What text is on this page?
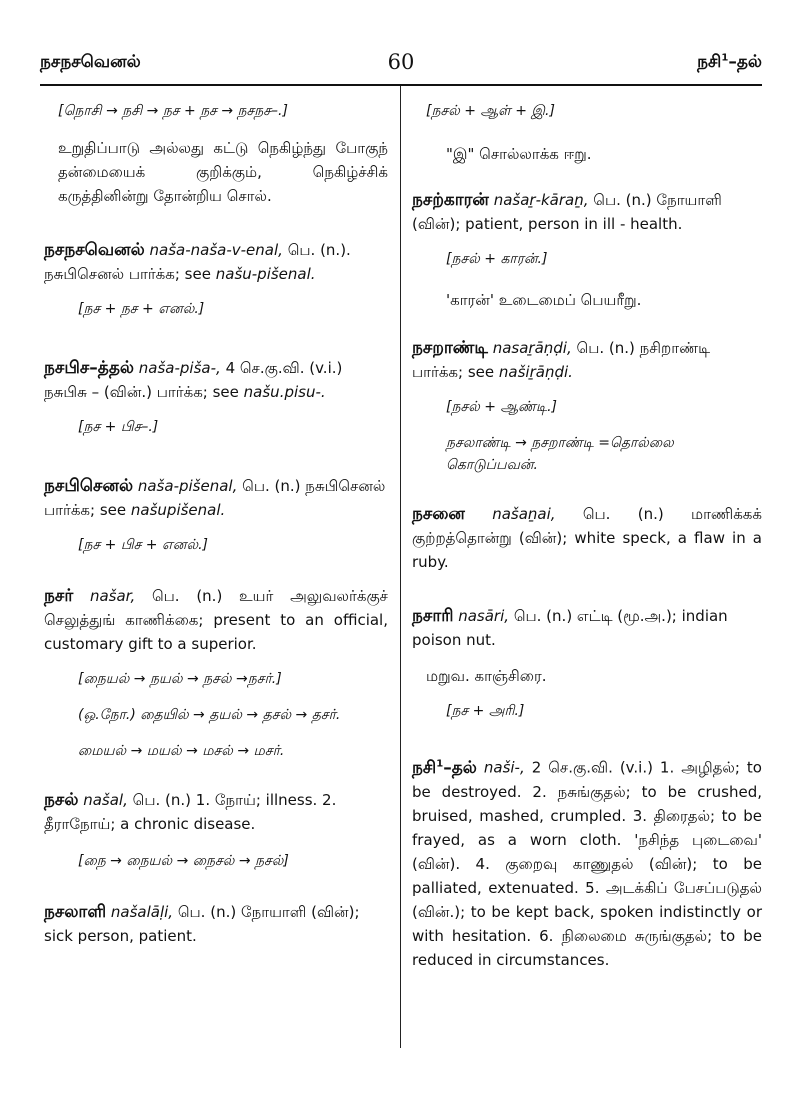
நசநசவெனல்	60	நசி$^1$–தல்

[நொசி → நசி → நச + நச → நசநச–.]

உறுதிப்பாடு அல்லது கட்டு நெகிழ்ந்து போகுந் தன்மையைக் குறிக்கும், நெகிழ்ச்சிக் கருத்தினின்று தோன்றிய சொல்.

நசநசவெனல் naša-naša-v-enal, பெ. (n.). நசுபிசெனல் பார்க்க; see našu-pišenal.

[நச + நச + எனல்.]

நசபிச–த்தல் naša-piša-, 4 செ.கு.வி. (v.i.) நசுபிசு – (வின்.) பார்க்க; see našu.pisu-.

[நச + பிச–.]

நசபிசெனல் naša-pišenal, பெ. (n.) நசுபிசெனல் பார்க்க; see našupišenal.

[நச + பிச + எனல்.]

நசர் našar, பெ. (n.) உயர் அலுவலர்க்குச் செலுத்துங் காணிக்கை; present to an official, customary gift to a superior.

[நையல் → நயல் → நசல் →நசர்.]

(ஒ.நோ.) தையில் → தயல் → தசல் → தசர்.

மையல் → மயல் → மசல் → மசர்.

நசல் našal, பெ. (n.) 1. நோய்; illness. 2. தீராநோய்; a chronic disease.

[நை → நையல் → நைசல் → நசல்]

நசலாளி našalāḷi, பெ. (n.) நோயாளி (வின்); sick person, patient.

[நசல் + ஆள் + இ.]

"இ" சொல்லாக்க ஈறு.

நசற்காரன் našaṟ-kāraṉ, பெ. (n.) நோயாளி (வின்); patient, person in ill - health.

[நசல் + காரன்.]

'காரன்' உடைமைப் பெயரீறு.

நசறாண்டி nasaṟāṇḍi, பெ. (n.) நசிறாண்டி பார்க்க; see našiṟāṇḍi.

[நசல் + ஆண்டி.]

நசலாண்டி → நசறாண்டி =தொல்லை கொடுப்பவன்.

நசனை našaṉai, பெ. (n.) மாணிக்கக் குற்றத்தொன்று (வின்); white speck, a flaw in a ruby.

நசாரி nasāri, பெ. (n.) எட்டி (மூ.அ.); indian poison nut.

மறுவ. காஞ்சிரை.

[நச + அரி.]

நசி$^1$–தல் naši-, 2 செ.கு.வி. (v.i.) 1. அழிதல்; to be destroyed. 2. நசுங்குதல்; to be crushed, bruised, mashed, crumpled. 3. திரைதல்; to be frayed, as a worn cloth. 'நசிந்த புடைவை' (வின்). 4. குறைவு காணுதல் (வின்); to be palliated, extenuated. 5. அடக்கிப் பேசப்படுதல் (வின்.); to be kept back, spoken indistinctly or with hesitation. 6. நிலைமை சுருங்குதல்; to be reduced in circumstances.
